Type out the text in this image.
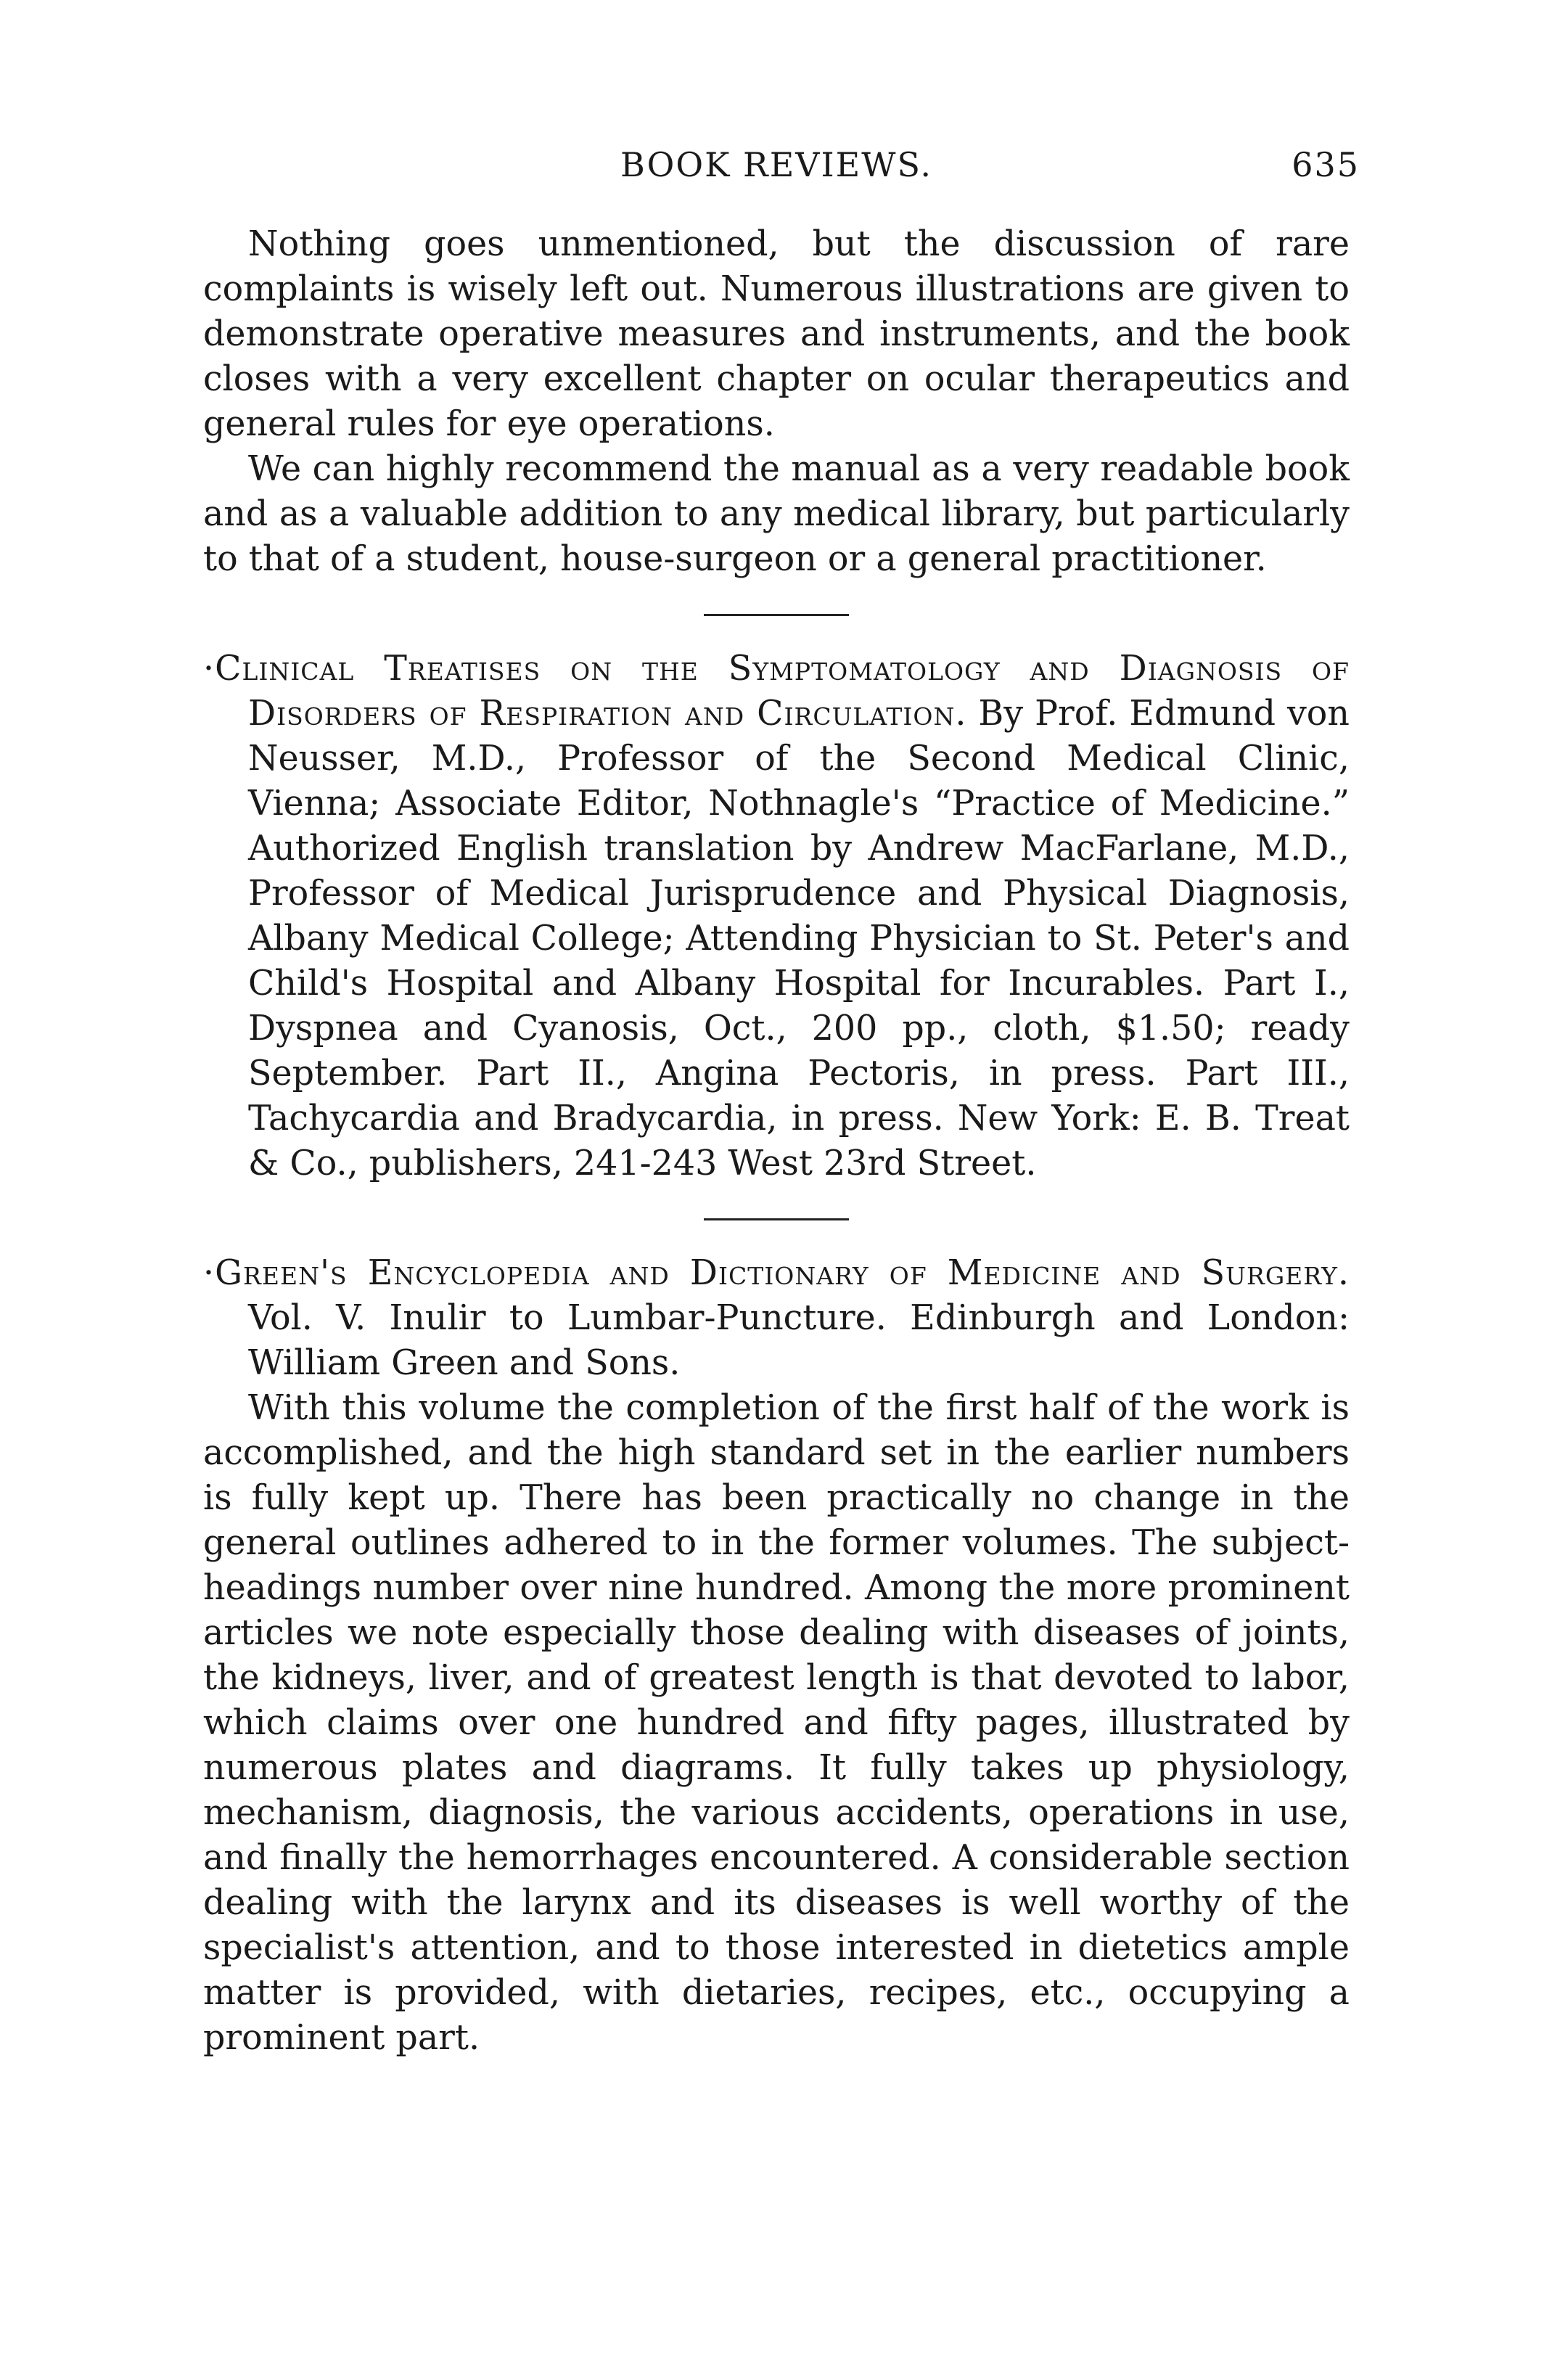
BOOK REVIEWS.	635

Nothing goes unmentioned, but the discussion of rare complaints is wisely left out. Numerous illustrations are given to demonstrate operative measures and instruments, and the book closes with a very excellent chapter on ocular therapeutics and general rules for eye operations.

We can highly recommend the manual as a very readable book and as a valuable addition to any medical library, but particularly to that of a student, house-surgeon or a general practitioner.

·Clinical Treatises on the Symptomatology and Diagnosis of Disorders of Respiration and Circulation. By Prof. Edmund von Neusser, M.D., Professor of the Second Medical Clinic, Vienna; Associate Editor, Nothnagle's “Practice of Medicine.” Authorized English translation by Andrew MacFarlane, M.D., Professor of Medical Jurisprudence and Physical Diagnosis, Albany Medical College; Attending Physician to St. Peter's and Child's Hospital and Albany Hospital for Incurables. Part I., Dyspnea and Cyanosis, Oct., 200 pp., cloth, $1.50; ready September. Part II., Angina Pectoris, in press. Part III., Tachycardia and Bradycardia, in press. New York: E. B. Treat & Co., publishers, 241-243 West 23rd Street.

·Green's Encyclopedia and Dictionary of Medicine and Surgery. Vol. V. Inulir to Lumbar-Puncture. Edinburgh and London: William Green and Sons.

With this volume the completion of the first half of the work is accomplished, and the high standard set in the earlier numbers is fully kept up. There has been practically no change in the general outlines adhered to in the former volumes. The subject-headings number over nine hundred. Among the more prominent articles we note especially those dealing with diseases of joints, the kidneys, liver, and of greatest length is that devoted to labor, which claims over one hundred and fifty pages, illustrated by numerous plates and diagrams. It fully takes up physiology, mechanism, diagnosis, the various accidents, operations in use, and finally the hemorrhages encountered. A considerable section dealing with the larynx and its diseases is well worthy of the specialist's attention, and to those interested in dietetics ample matter is provided, with dietaries, recipes, etc., occupying a prominent part.
